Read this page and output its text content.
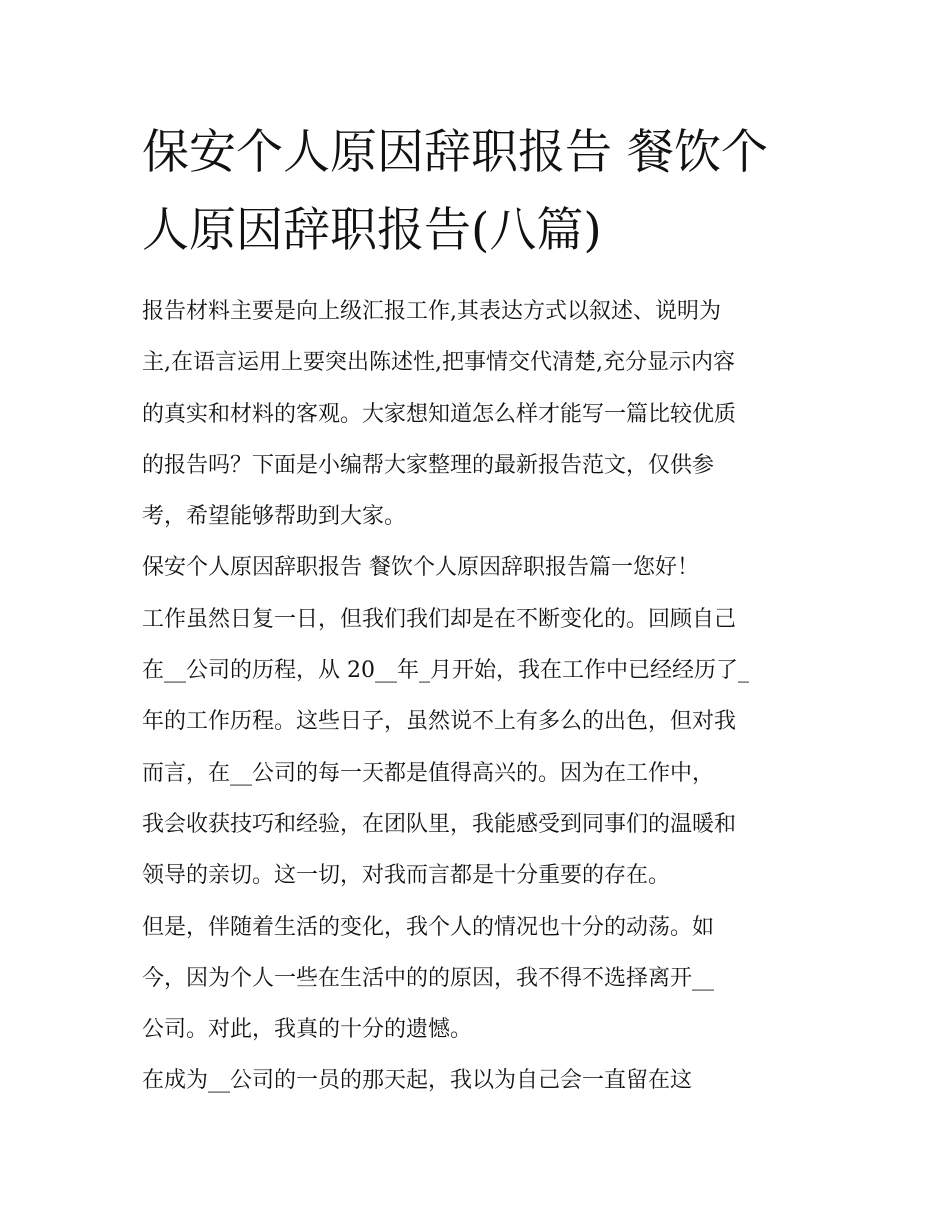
保安个人原因辞职报告 餐饮个
人原因辞职报告(八篇)

报告材料主要是向上级汇报工作,其表达方式以叙述、说明为
主,在语言运用上要突出陈述性,把事情交代清楚,充分显示内容
的真实和材料的客观。大家想知道怎么样才能写一篇比较优质
的报告吗？下面是小编帮大家整理的最新报告范文，仅供参
考，希望能够帮助到大家。

保安个人原因辞职报告 餐饮个人原因辞职报告篇一您好！

工作虽然日复一日，但我们我们却是在不断变化的。回顾自己
在__公司的历程，从 20__年_月开始，我在工作中已经经历了_
年的工作历程。这些日子，虽然说不上有多么的出色，但对我
而言，在__公司的每一天都是值得高兴的。因为在工作中，
我会收获技巧和经验，在团队里，我能感受到同事们的温暖和
领导的亲切。这一切，对我而言都是十分重要的存在。

但是，伴随着生活的变化，我个人的情况也十分的动荡。如
今，因为个人一些在生活中的的原因，我不得不选择离开__
公司。对此，我真的十分的遗憾。

在成为__公司的一员的那天起，我以为自己会一直留在这
